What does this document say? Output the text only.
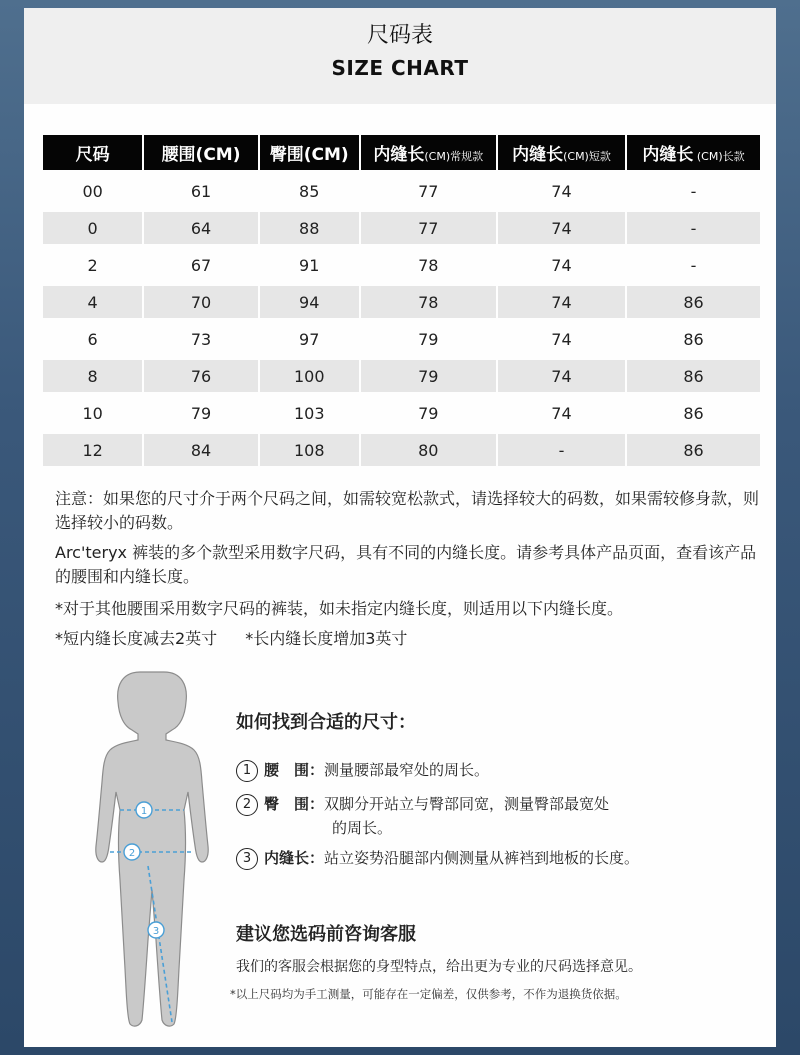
尺码表
SIZE CHART
尺码	腰围(CM)	臀围(CM)	内缝长(CM)常规款	内缝长(CM)短款	内缝长 (CM)长款
00	61	85	77	74	-
0	64	88	77	74	-
2	67	91	78	74	-
4	70	94	78	74	86
6	73	97	79	74	86
8	76	100	79	74	86
10	79	103	79	74	86
12	84	108	80	-	86

注意：如果您的尺寸介于两个尺码之间，如需较宽松款式，请选择较大的码数，如果需较修身款，则选择较小的码数。

Arc'teryx 裤装的多个款型采用数字尺码，具有不同的内缝长度。请参考具体产品页面，查看该产品的腰围和内缝长度。

*对于其他腰围采用数字尺码的裤装，如未指定内缝长度，则适用以下内缝长度。

*短内缝长度减去2英寸 *长内缝长度增加3英寸

1
2
3
如何找到合适的尺寸：
1 腰　围：测量腰部最窄处的周长。
2 臀　围：双脚分开站立与臀部同宽，测量臀部最宽处
的周长。
3 内缝长：站立姿势沿腿部内侧测量从裤裆到地板的长度。
建议您选码前咨询客服
我们的客服会根据您的身型特点，给出更为专业的尺码选择意见。
*以上尺码均为手工测量，可能存在一定偏差，仅供参考，不作为退换货依据。
